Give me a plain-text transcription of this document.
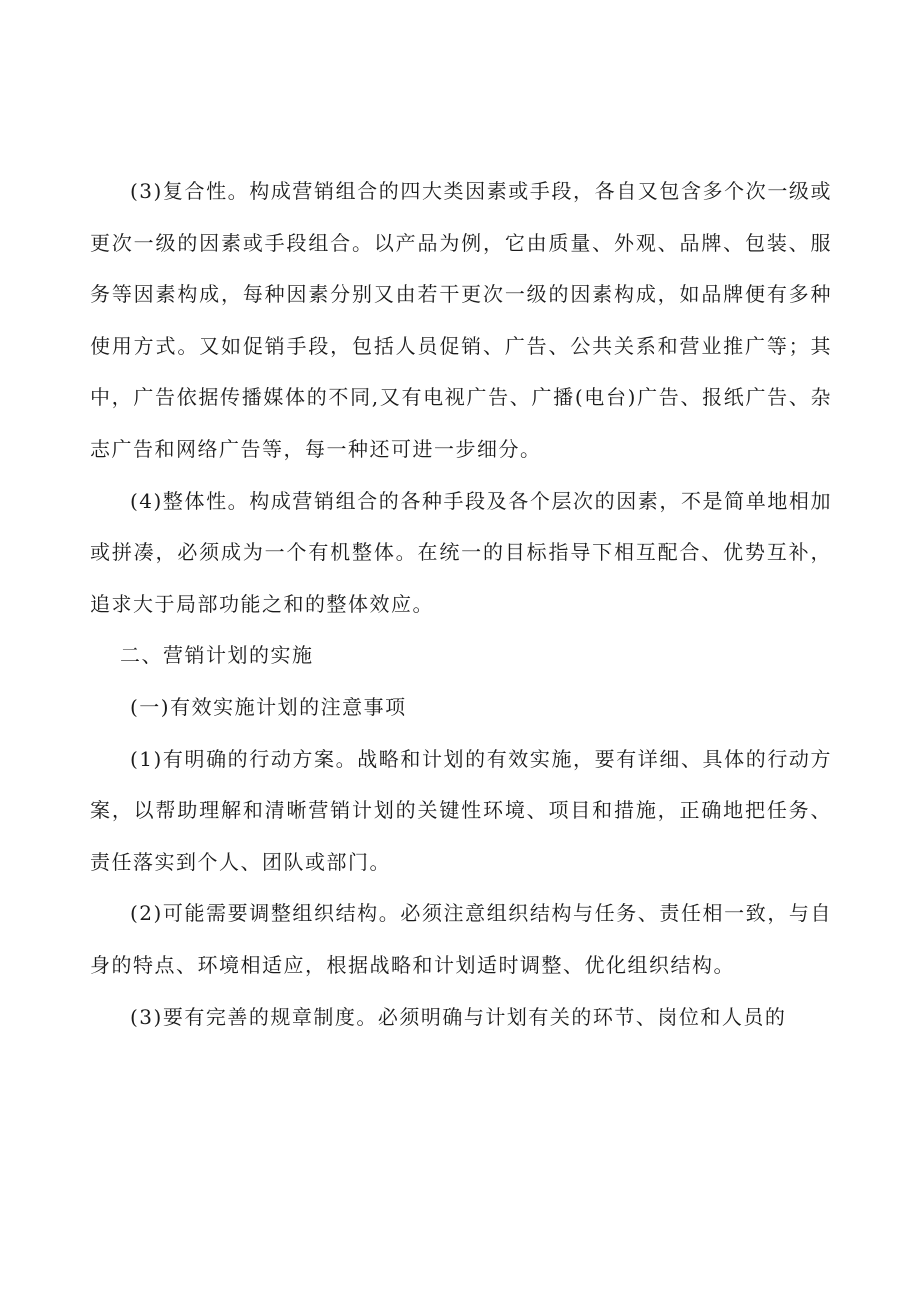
(3)复合性。构成营销组合的四大类因素或手段，各自又包含多个次一级或更次一级的因素或手段组合。以产品为例，它由质量、外观、品牌、包装、服务等因素构成，每种因素分别又由若干更次一级的因素构成，如品牌便有多种使用方式。又如促销手段，包括人员促销、广告、公共关系和营业推广等；其中，广告依据传播媒体的不同,又有电视广告、广播(电台)广告、报纸广告、杂志广告和网络广告等，每一种还可进一步细分。

(4)整体性。构成营销组合的各种手段及各个层次的因素，不是简单地相加或拼凑，必须成为一个有机整体。在统一的目标指导下相互配合、优势互补，追求大于局部功能之和的整体效应。

二、营销计划的实施

(一)有效实施计划的注意事项

(1)有明确的行动方案。战略和计划的有效实施，要有详细、具体的行动方案，以帮助理解和清晰营销计划的关键性环境、项目和措施，正确地把任务、责任落实到个人、团队或部门。

(2)可能需要调整组织结构。必须注意组织结构与任务、责任相一致，与自身的特点、环境相适应，根据战略和计划适时调整、优化组织结构。

(3)要有完善的规章制度。必须明确与计划有关的环节、岗位和人员的
